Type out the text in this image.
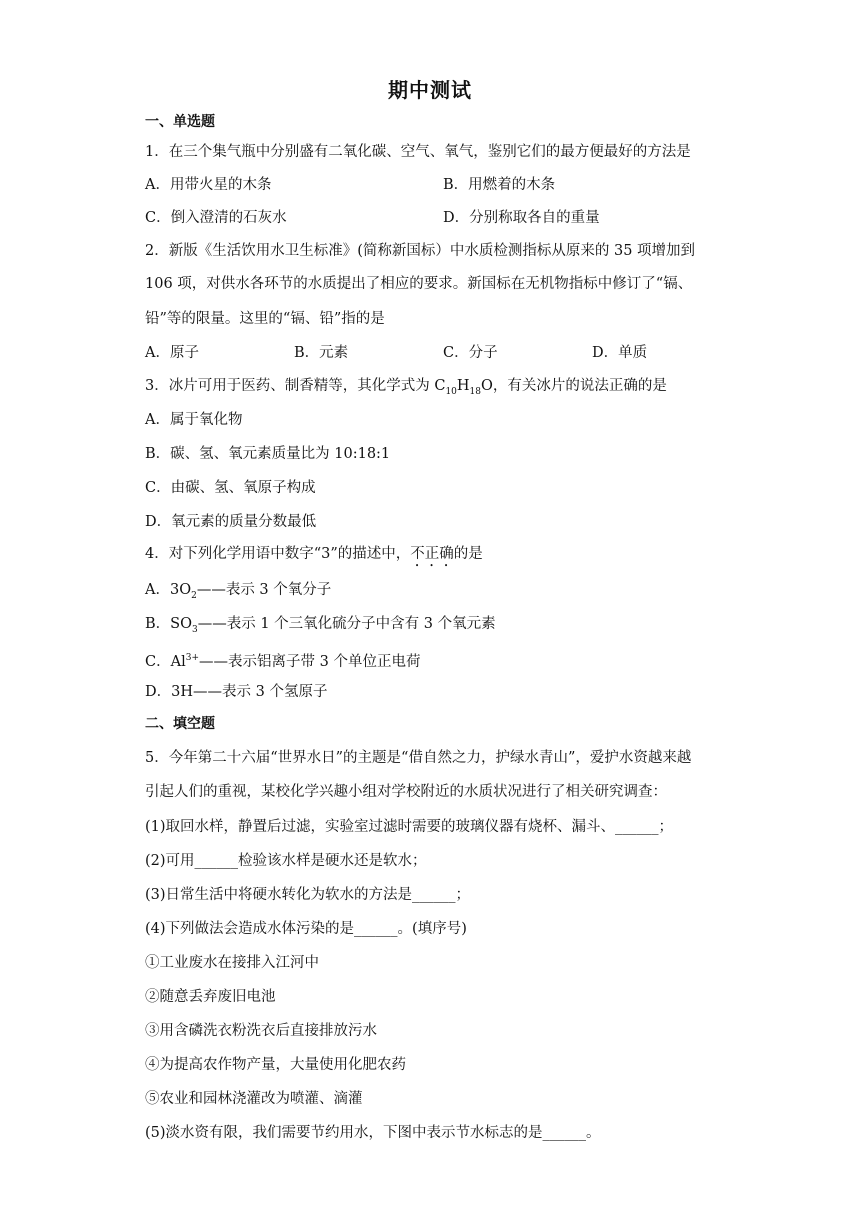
期中测试
一、单选题
1．在三个集气瓶中分别盛有二氧化碳、空气、氧气，鉴别它们的最方便最好的方法是
A．用带火星的木条	B．用燃着的木条
C．倒入澄清的石灰水	D．分别称取各自的重量
2．新版《生活饮用水卫生标准》(简称新国标）中水质检测指标从原来的 35 项增加到
106 项，对供水各环节的水质提出了相应的要求。新国标在无机物指标中修订了“镉、
铅”等的限量。这里的“镉、铅”指的是
A．原子	B．元素	C．分子	D．单质
3．冰片可用于医药、制香精等，其化学式为 $C_{10}H_{18}O$，有关冰片的说法正确的是
A．属于氧化物
B．碳、氢、氧元素质量比为 10:18:1
C．由碳、氢、氧原子构成
D．氧元素的质量分数最低
4．对下列化学用语中数字“3”的描述中，不正确的是
A．$3O_2——$表示 3 个氧分子
B．$SO_3——$表示 1 个三氧化硫分子中含有 3 个氧元素
C．$Al^{3+}——$表示铝离子带 3 个单位正电荷
D．3H——表示 3 个氢原子
二、填空题
5．今年第二十六届“世界水日”的主题是“借自然之力，护绿水青山”，爱护水资越来越
引起人们的重视，某校化学兴趣小组对学校附近的水质状况进行了相关研究调查：
(1)取回水样，静置后过滤，实验室过滤时需要的玻璃仪器有烧杯、漏斗、______；
(2)可用______检验该水样是硬水还是软水；
(3)日常生活中将硬水转化为软水的方法是______；
(4)下列做法会造成水体污染的是______。(填序号)
①工业废水在接排入江河中
②随意丢弃废旧电池
③用含磷洗衣粉洗衣后直接排放污水
④为提高农作物产量，大量使用化肥农药
⑤农业和园林浇灌改为喷灌、滴灌
(5)淡水资有限，我们需要节约用水，下图中表示节水标志的是______。
